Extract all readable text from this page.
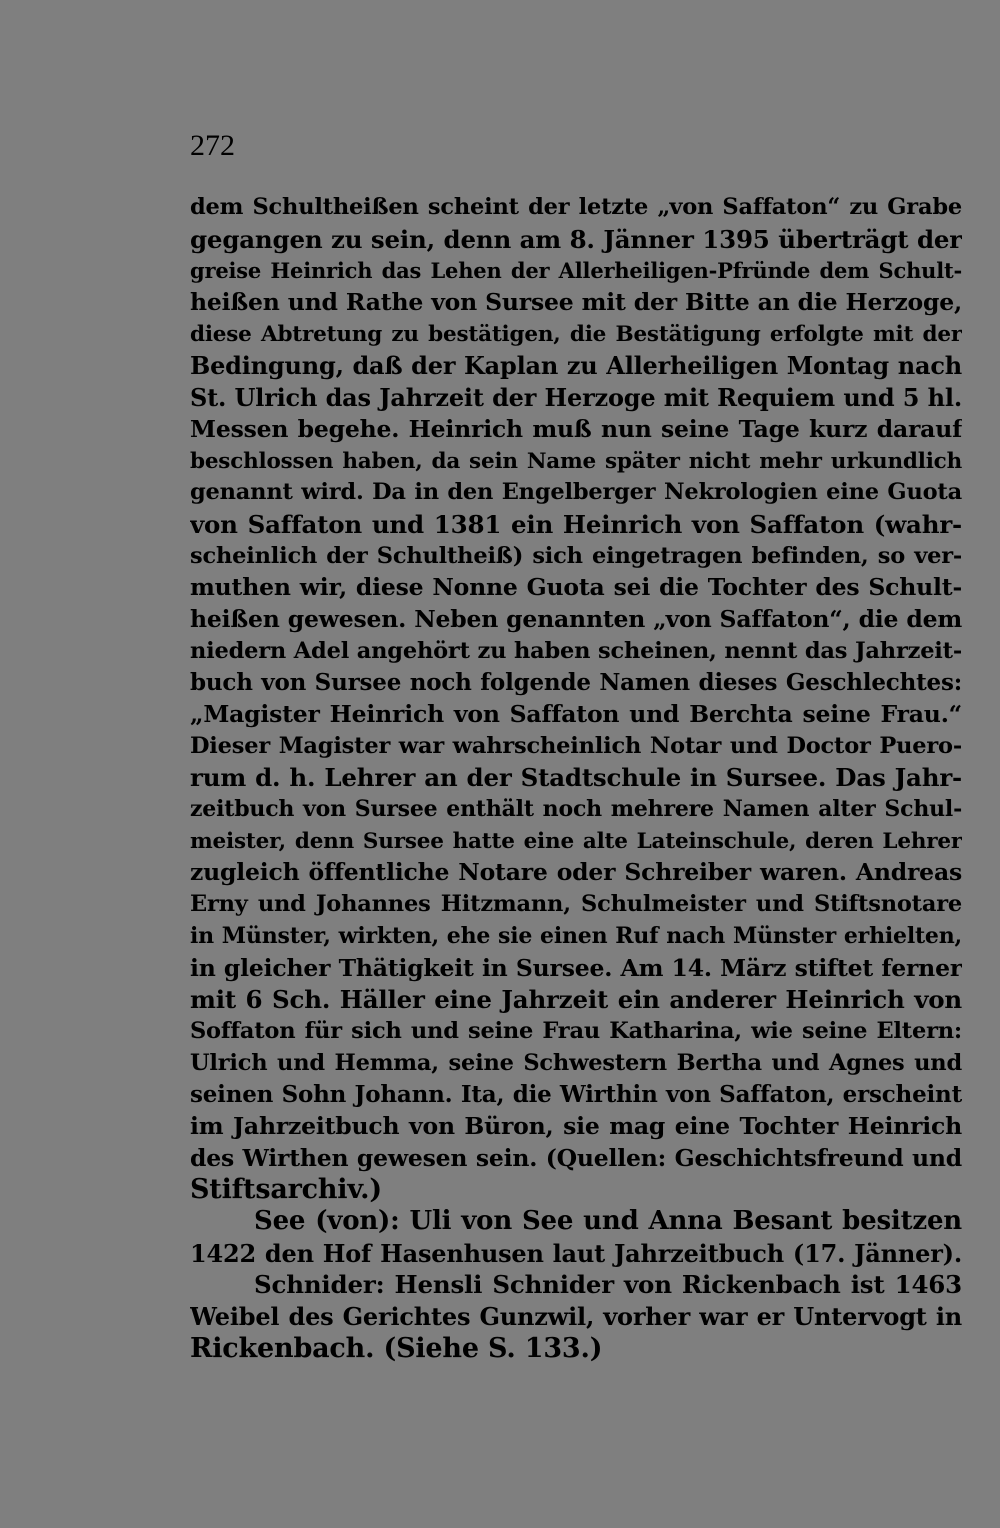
272
dem Schultheißen scheint der letzte „von Saffaton“ zu Grabe
gegangen zu sein, denn am 8. Jänner 1395 überträgt der
greise Heinrich das Lehen der Allerheiligen-Pfründe dem Schult-
heißen und Rathe von Sursee mit der Bitte an die Herzoge,
diese Abtretung zu bestätigen, die Bestätigung erfolgte mit der
Bedingung, daß der Kaplan zu Allerheiligen Montag nach
St. Ulrich das Jahrzeit der Herzoge mit Requiem und 5 hl.
Messen begehe. Heinrich muß nun seine Tage kurz darauf
beschlossen haben, da sein Name später nicht mehr urkundlich
genannt wird. Da in den Engelberger Nekrologien eine Guota
von Saffaton und 1381 ein Heinrich von Saffaton (wahr-
scheinlich der Schultheiß) sich eingetragen befinden, so ver-
muthen wir, diese Nonne Guota sei die Tochter des Schult-
heißen gewesen. Neben genannten „von Saffaton“, die dem
niedern Adel angehört zu haben scheinen, nennt das Jahrzeit-
buch von Sursee noch folgende Namen dieses Geschlechtes:
„Magister Heinrich von Saffaton und Berchta seine Frau.“
Dieser Magister war wahrscheinlich Notar und Doctor Puero-
rum d. h. Lehrer an der Stadtschule in Sursee. Das Jahr-
zeitbuch von Sursee enthält noch mehrere Namen alter Schul-
meister, denn Sursee hatte eine alte Lateinschule, deren Lehrer
zugleich öffentliche Notare oder Schreiber waren. Andreas
Erny und Johannes Hitzmann, Schulmeister und Stiftsnotare
in Münster, wirkten, ehe sie einen Ruf nach Münster erhielten,
in gleicher Thätigkeit in Sursee. Am 14. März stiftet ferner
mit 6 Sch. Häller eine Jahrzeit ein anderer Heinrich von
Soffaton für sich und seine Frau Katharina, wie seine Eltern:
Ulrich und Hemma, seine Schwestern Bertha und Agnes und
seinen Sohn Johann. Ita, die Wirthin von Saffaton, erscheint
im Jahrzeitbuch von Büron, sie mag eine Tochter Heinrich
des Wirthen gewesen sein. (Quellen: Geschichtsfreund und
Stiftsarchiv.)
See (von): Uli von See und Anna Besant besitzen
1422 den Hof Hasenhusen laut Jahrzeitbuch (17. Jänner).
Schnider: Hensli Schnider von Rickenbach ist 1463
Weibel des Gerichtes Gunzwil, vorher war er Untervogt in
Rickenbach. (Siehe S. 133.)
